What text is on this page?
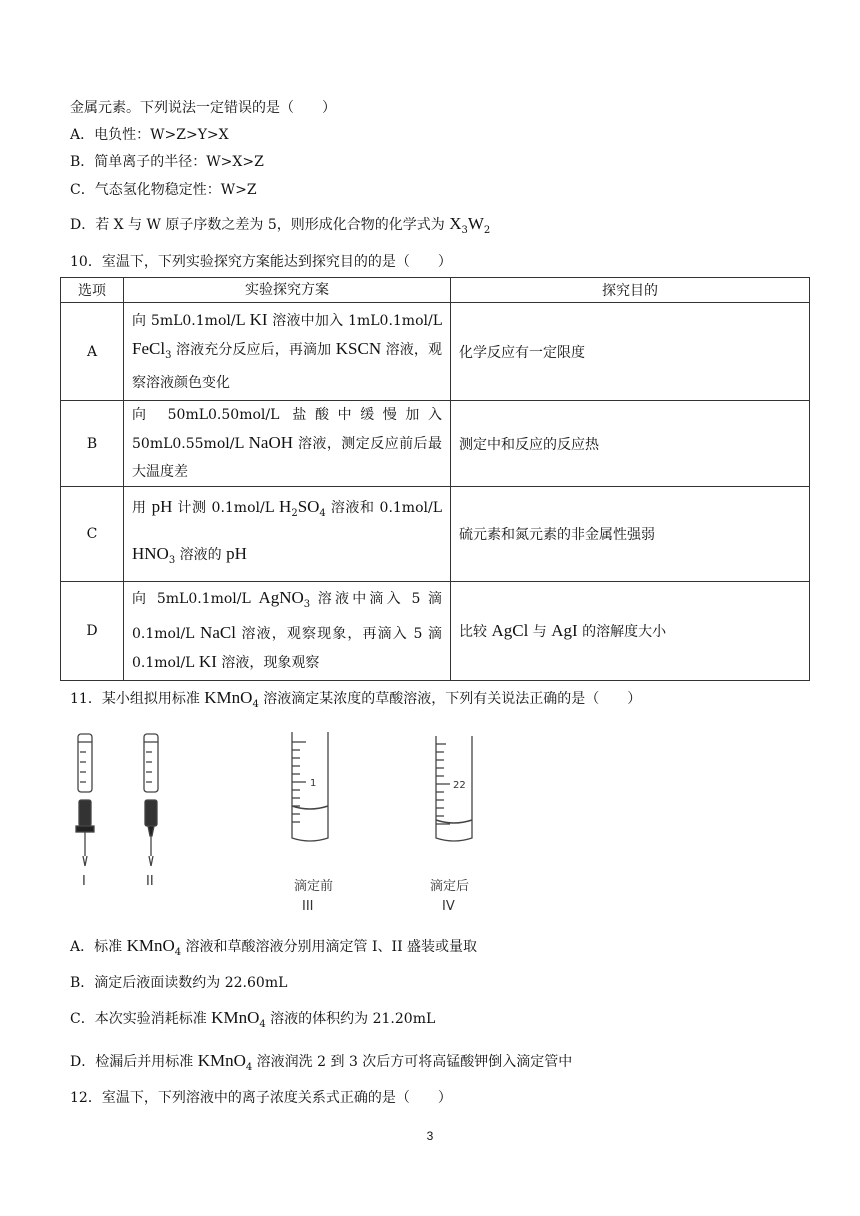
金属元素。下列说法一定错误的是（　　）
A．电负性：W>Z>Y>X
B．简单离子的半径：W>X>Z
C．气态氢化物稳定性：W>Z
D．若 X 与 W 原子序数之差为 5，则形成化合物的化学式为 $X_3W_2$
10．室温下，下列实验探究方案能达到探究目的的是（　　）
选项	实验探究方案	探究目的
A	向 5mL0.1mol/L KI 溶液中加入 1mL0.1mol/L FeCl$_3$ 溶液充分反应后，再滴加 KSCN 溶液，观察溶液颜色变化	化学反应有一定限度
B	向 50mL0.50mol/L 盐酸中缓慢加入 50mL0.55mol/L NaOH 溶液，测定反应前后最大温度差	测定中和反应的反应热
C	用 pH 计测 0.1mol/L $H_2SO_4$ 溶液和 0.1mol/L $HNO_3$ 溶液的 pH	硫元素和氮元素的非金属性强弱
D	向 5mL0.1mol/L AgNO$_3$ 溶液中滴入 5 滴 0.1mol/L NaCl 溶液，观察现象，再滴入 5 滴 0.1mol/L KI 溶液，现象观察	比较 AgCl 与 AgI 的溶解度大小
11．某小组拟用标准 KMnO$_4$ 溶液滴定某浓度的草酸溶液，下列有关说法正确的是（　　）
I	II
1	22
滴定前
III
滴定后
IV
A．标准 KMnO$_4$ 溶液和草酸溶液分别用滴定管 I、II 盛装或量取
B．滴定后液面读数约为 22.60mL
C．本次实验消耗标准 KMnO$_4$ 溶液的体积约为 21.20mL
D．检漏后并用标准 KMnO$_4$ 溶液润洗 2 到 3 次后方可将高锰酸钾倒入滴定管中
12．室温下，下列溶液中的离子浓度关系式正确的是（　　）
3
